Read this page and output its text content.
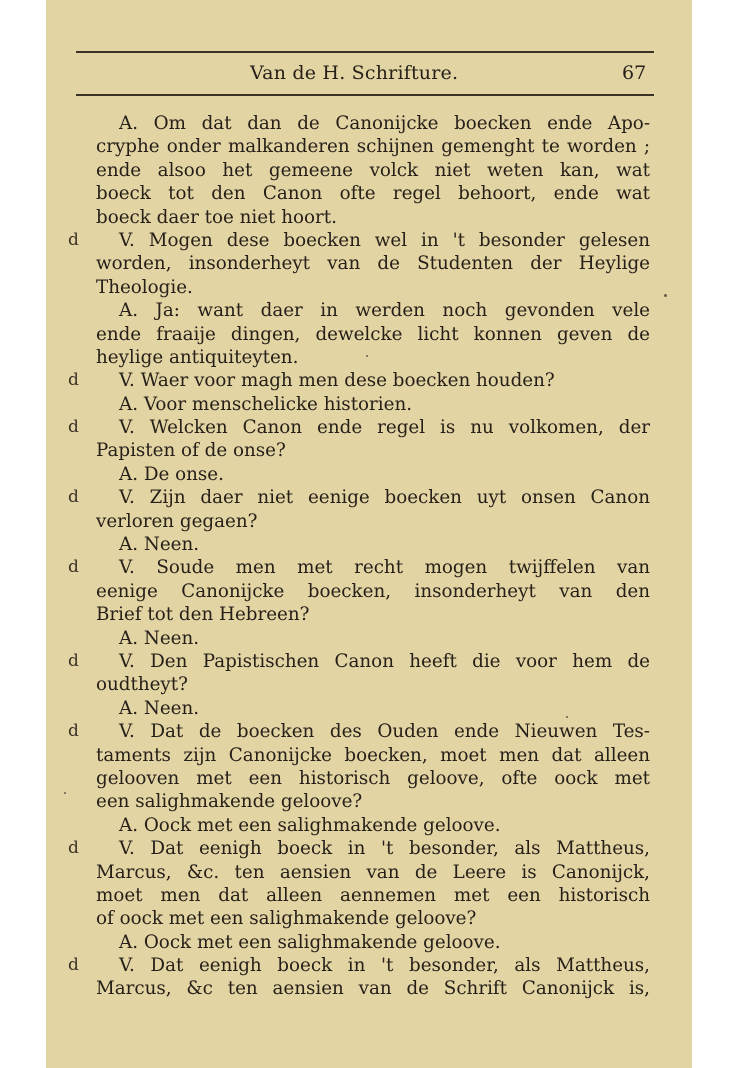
Van de H. Schrifture.	67
A. Om dat dan de Canonijcke boecken ende Apo-
cryphe onder malkanderen schijnen gemenght te worden ;
ende alsoo het gemeene volck niet weten kan, wat
boeck tot den Canon ofte regel behoort, ende wat
boeck daer toe niet hoort.
d V. Mogen dese boecken wel in 't besonder gelesen
worden, insonderheyt van de Studenten der Heylige
Theologie.
A. Ja: want daer in werden noch gevonden vele
ende fraaije dingen, dewelcke licht konnen geven de
heylige antiquiteyten.
d V. Waer voor magh men dese boecken houden?
A. Voor menschelicke historien.
d V. Welcken Canon ende regel is nu volkomen, der
Papisten of de onse?
A. De onse.
d V. Zijn daer niet eenige boecken uyt onsen Canon
verloren gegaen?
A. Neen.
d V. Soude men met recht mogen twijffelen van
eenige Canonijcke boecken, insonderheyt van den
Brief tot den Hebreen?
A. Neen.
d V. Den Papistischen Canon heeft die voor hem de
oudtheyt?
A. Neen.
d V. Dat de boecken des Ouden ende Nieuwen Tes-
taments zijn Canonijcke boecken, moet men dat alleen
gelooven met een historisch geloove, ofte oock met
een salighmakende geloove?
A. Oock met een salighmakende geloove.
d V. Dat eenigh boeck in 't besonder, als Mattheus,
Marcus, &c. ten aensien van de Leere is Canonijck,
moet men dat alleen aennemen met een historisch
of oock met een salighmakende geloove?
A. Oock met een salighmakende geloove.
d V. Dat eenigh boeck in 't besonder, als Mattheus,
Marcus, &c ten aensien van de Schrift Canonijck is,
